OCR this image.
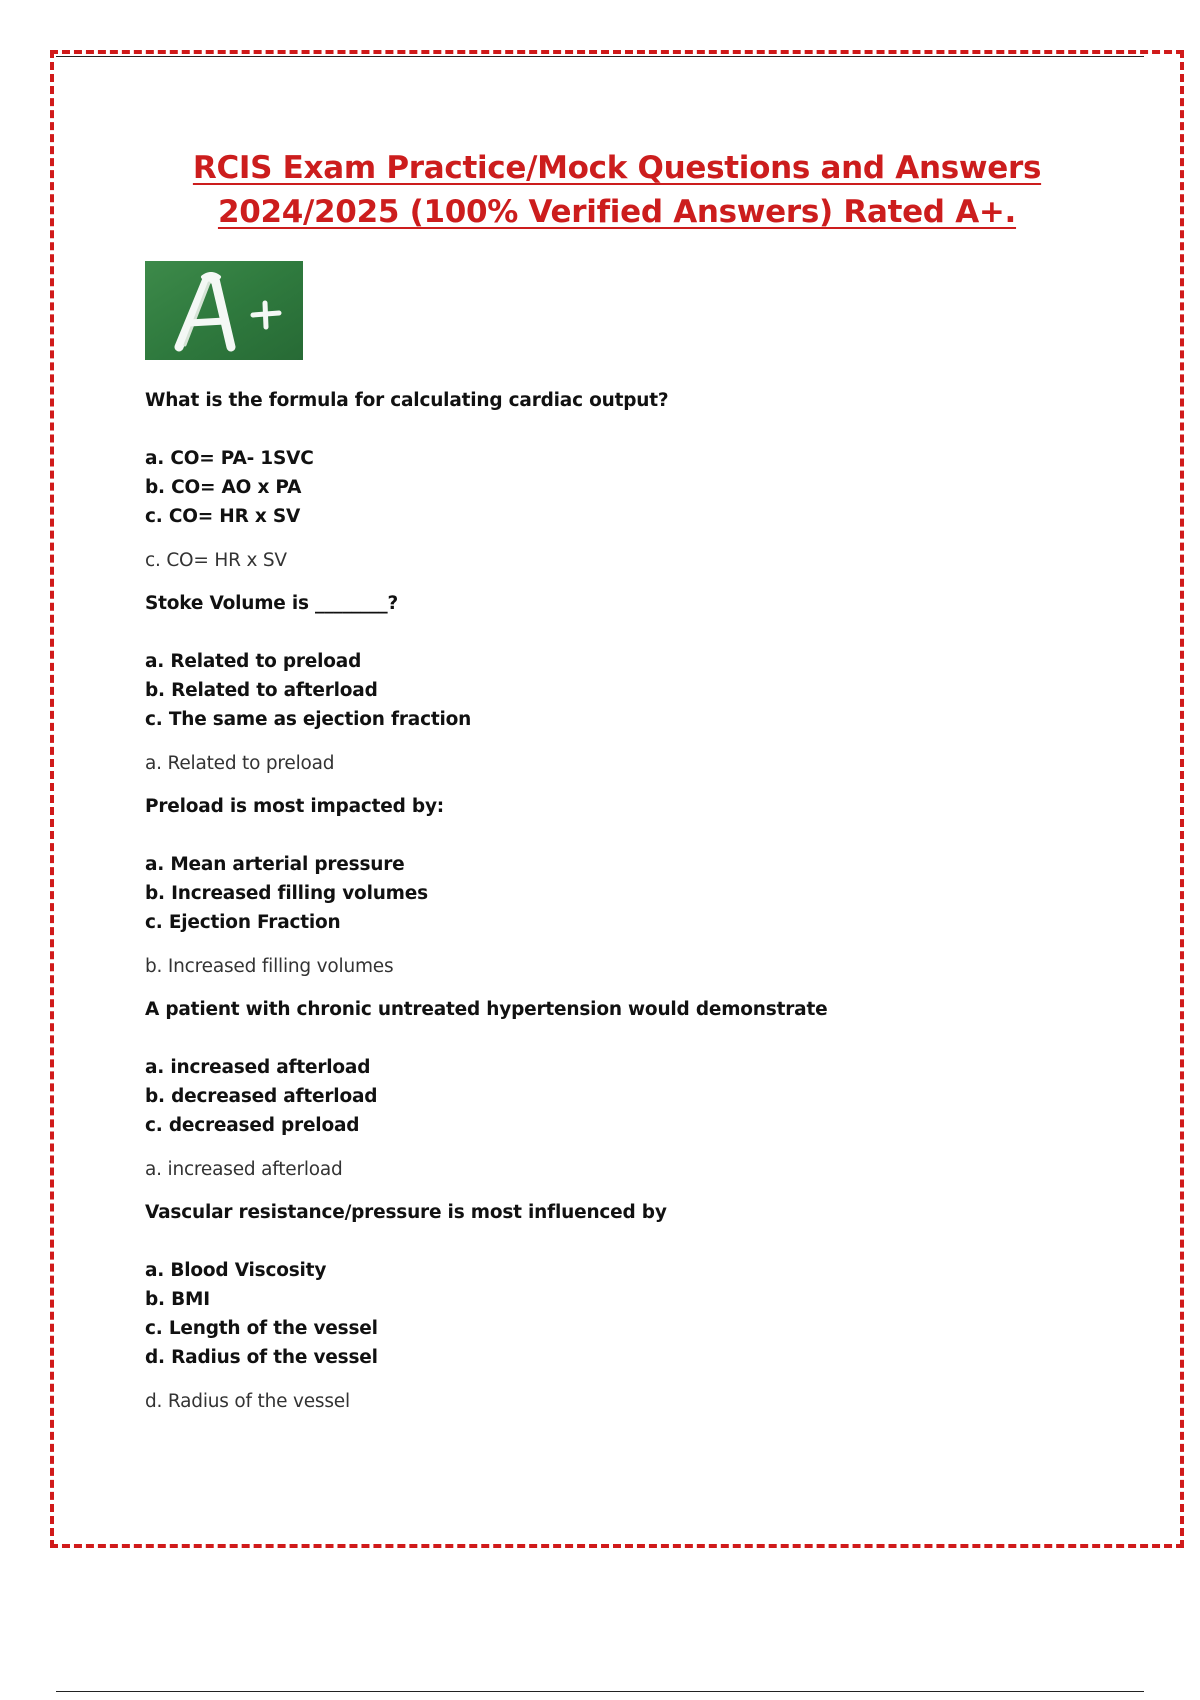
RCIS Exam Practice/Mock Questions and Answers
2024/2025 (100% Verified Answers) Rated A+.
A+
What is the formula for calculating cardiac output?
a. CO= PA- 1SVC
b. CO= AO x PA
c. CO= HR x SV
c. CO= HR x SV
Stoke Volume is ________?
a. Related to preload
b. Related to afterload
c. The same as ejection fraction
a. Related to preload
Preload is most impacted by:
a. Mean arterial pressure
b. Increased filling volumes
c. Ejection Fraction
b. Increased filling volumes
A patient with chronic untreated hypertension would demonstrate
a. increased afterload
b. decreased afterload
c. decreased preload
a. increased afterload
Vascular resistance/pressure is most influenced by
a. Blood Viscosity
b. BMI
c. Length of the vessel
d. Radius of the vessel
d. Radius of the vessel
